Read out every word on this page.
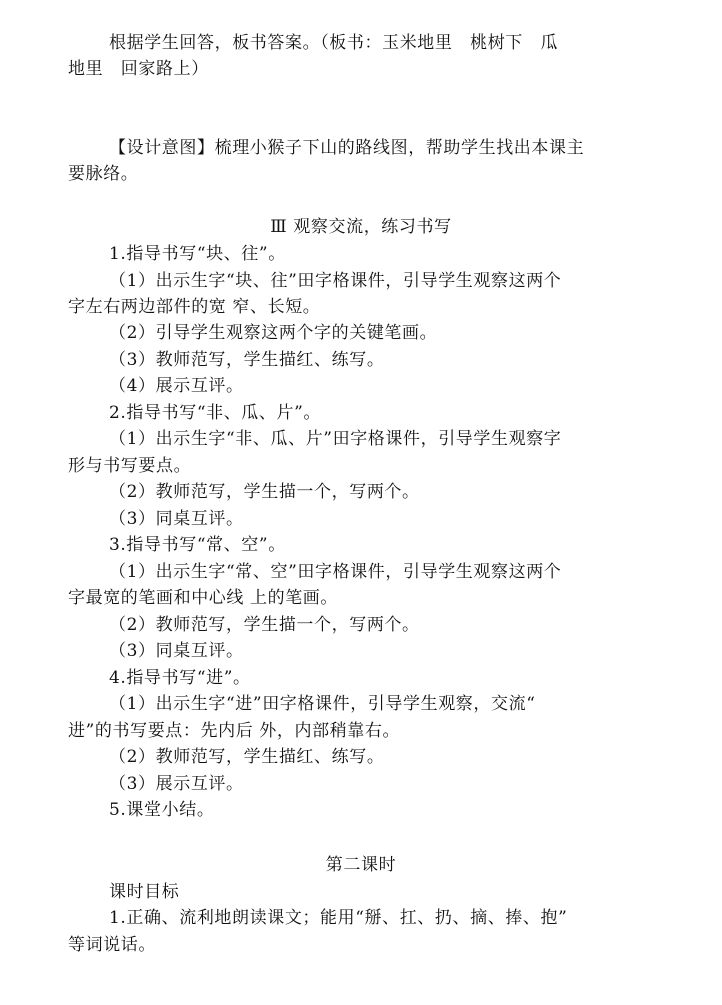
根据学生回答，板书答案。（板书：玉米地里　桃树下　瓜
地里　回家路上）
【设计意图】梳理小猴子下山的路线图，帮助学生找出本课主
要脉络。
Ⅲ 观察交流，练习书写
1.指导书写“块、往”。
（1）出示生字“块、往”田字格课件，引导学生观察这两个
字左右两边部件的宽 窄、长短。
（2）引导学生观察这两个字的关键笔画。
（3）教师范写，学生描红、练写。
（4）展示互评。
2.指导书写“非、瓜、片”。
（1）出示生字“非、瓜、片”田字格课件，引导学生观察字
形与书写要点。
（2）教师范写，学生描一个，写两个。
（3）同桌互评。
3.指导书写“常、空”。
（1）出示生字“常、空”田字格课件，引导学生观察这两个
字最宽的笔画和中心线 上的笔画。
（2）教师范写，学生描一个，写两个。
（3）同桌互评。
4.指导书写“进”。
（1）出示生字“进”田字格课件，引导学生观察，交流“
进”的书写要点：先内后 外，内部稍靠右。
（2）教师范写，学生描红、练写。
（3）展示互评。
5.课堂小结。
第二课时
课时目标
1.正确、流利地朗读课文；能用“掰、扛、扔、摘、捧、抱”
等词说话。
